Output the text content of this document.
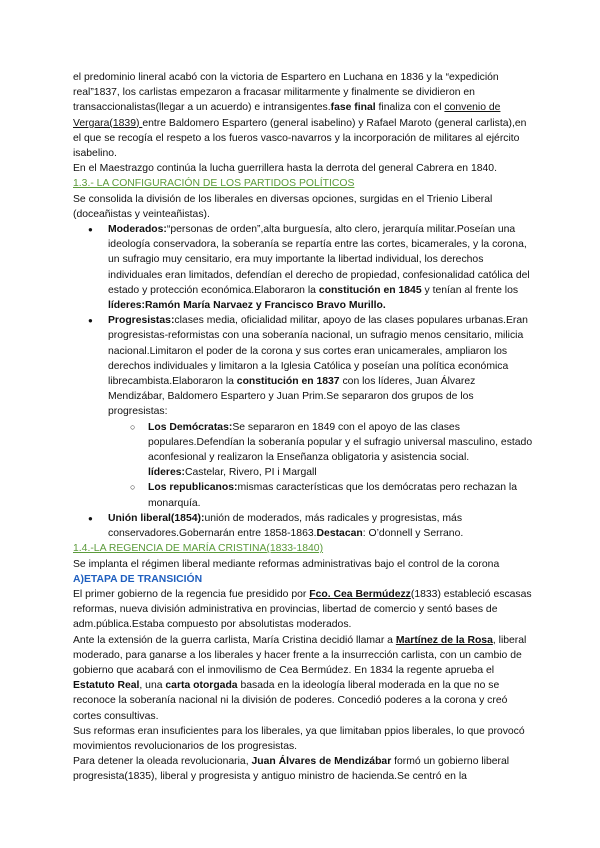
el predominio lineral acabó con la victoria de Espartero en Luchana en 1836 y la “expedición real”1837, los carlistas empezaron a fracasar militarmente y finalmente se dividieron en transaccionalistas(llegar a un acuerdo) e intransigentes.fase final finaliza con el convenio de Vergara(1839) entre Baldomero Espartero (general isabelino) y Rafael Maroto (general carlista),en el que se recogía el respeto a los fueros vasco-navarros y la incorporación de militares al ejército isabelino.

En el Maestrazgo continúa la lucha guerrillera hasta la derrota del general Cabrera en 1840.

1.3.- LA CONFIGURACIÓN DE LOS PARTIDOS POLÍTICOS

Se consolida la división de los liberales en diversas opciones, surgidas en el Trienio Liberal (doceañistas y veinteañistas).

● Moderados:“personas de orden”,alta burguesía, alto clero, jerarquía militar.Poseían una ideología conservadora, la soberanía se repartía entre las cortes, bicamerales, y la corona, un sufragio muy censitario, era muy importante la libertad individual, los derechos individuales eran limitados, defendían el derecho de propiedad, confesionalidad católica del estado y protección económica.Elaboraron la constitución en 1845 y tenían al frente los líderes:Ramón María Narvaez y Francisco Bravo Murillo.
● Progresistas:clases media, oficialidad militar, apoyo de las clases populares urbanas.Eran progresistas-reformistas con una soberanía nacional, un sufragio menos censitario, milicia nacional.Limitaron el poder de la corona y sus cortes eran unicamerales, ampliaron los derechos individuales y limitaron a la Iglesia Católica y poseían una política económica librecambista.Elaboraron la constitución en 1837 con los líderes, Juan Álvarez Mendizábar, Baldomero Espartero y Juan Prim.Se separaron dos grupos de los progresistas:
○ Los Demócratas:Se separaron en 1849 con el apoyo de las clases populares.Defendían la soberanía popular y el sufragio universal masculino, estado aconfesional y realizaron la Enseñanza obligatoria y asistencia social. líderes:Castelar, Rivero, PI i Margall
○ Los republicanos:mismas características que los demócratas pero rechazan la monarquía.
● Unión liberal(1854):unión de moderados, más radicales y progresistas, más conservadores.Gobernarán entre 1858-1863.Destacan: O’donnell y Serrano.

1.4.-LA REGENCIA DE MARÍA CRISTINA(1833-1840)

Se implanta el régimen liberal mediante reformas administrativas bajo el control de la corona

A)ETAPA DE TRANSICIÓN

El primer gobierno de la regencia fue presidido por Fco. Cea Bermúdezz(1833) estableció escasas reformas, nueva división administrativa en provincias, libertad de comercio y sentó bases de adm.pública.Estaba compuesto por absolutistas moderados.

Ante la extensión de la guerra carlista, María Cristina decidió llamar a Martínez de la Rosa, liberal moderado, para ganarse a los liberales y hacer frente a la insurrección carlista, con un cambio de gobierno que acabará con el inmovilismo de Cea Bermúdez. En 1834 la regente aprueba el Estatuto Real, una carta otorgada basada en la ideología liberal moderada en la que no se reconoce la soberanía nacional ni la división de poderes. Concedió poderes a la corona y creó cortes consultivas.

Sus reformas eran insuficientes para los liberales, ya que limitaban ppios liberales, lo que provocó movimientos revolucionarios de los progresistas.

Para detener la oleada revolucionaria, Juan Álvares de Mendizábar formó un gobierno liberal progresista(1835), liberal y progresista y antiguo ministro de hacienda.Se centró en la
